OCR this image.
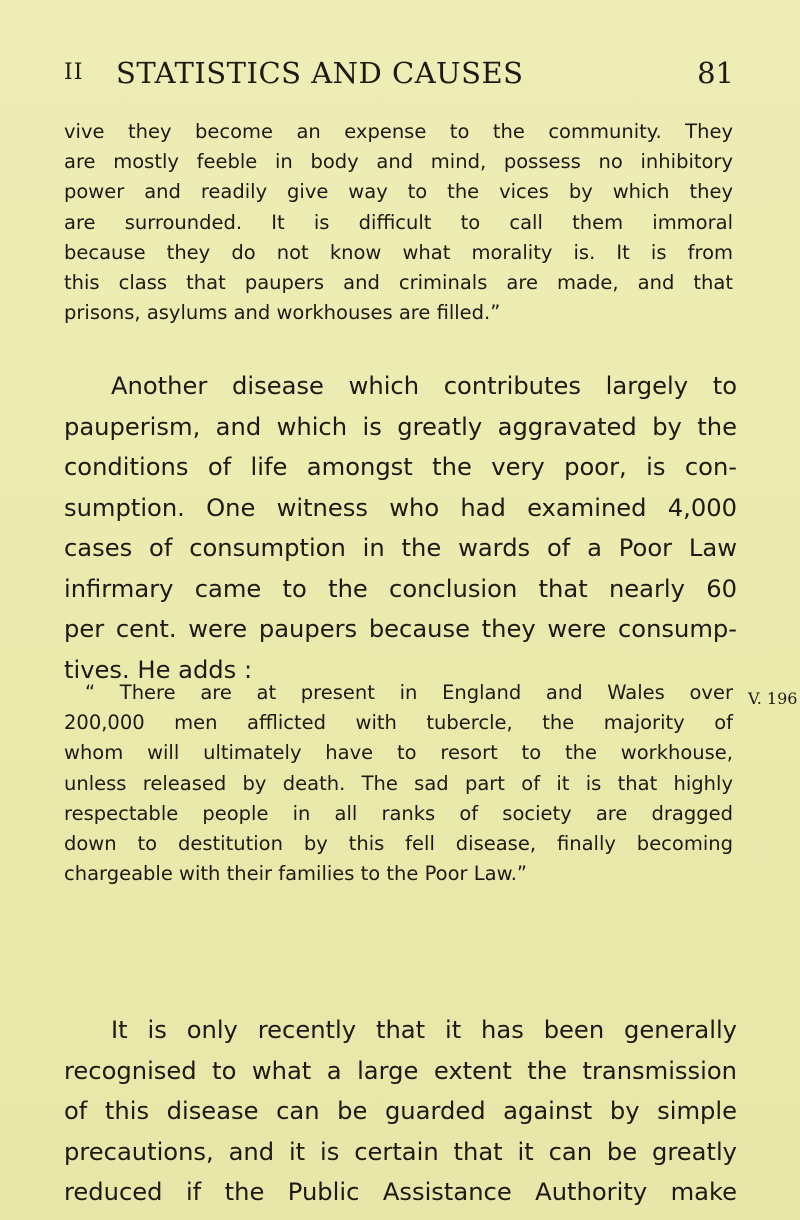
II STATISTICS AND CAUSES	81

vive they become an expense to the community. They
are mostly feeble in body and mind, possess no inhibitory
power and readily give way to the vices by which they
are surrounded. It is difficult to call them immoral
because they do not know what morality is. It is from
this class that paupers and criminals are made, and that
prisons, asylums and workhouses are filled.”

Another disease which contributes largely to
pauperism, and which is greatly aggravated by the
conditions of life amongst the very poor, is con-
sumption. One witness who had examined 4,000
cases of consumption in the wards of a Poor Law
infirmary came to the conclusion that nearly 60
per cent. were paupers because they were consump-
tives. He adds :

“ There are at present in England and Wales over
200,000 men afflicted with tubercle, the majority of
whom will ultimately have to resort to the workhouse,
unless released by death. The sad part of it is that highly
respectable people in all ranks of society are dragged
down to destitution by this fell disease, finally becoming
chargeable with their families to the Poor Law.”

V. 196

It is only recently that it has been generally
recognised to what a large extent the transmission
of this disease can be guarded against by simple
precautions, and it is certain that it can be greatly
reduced if the Public Assistance Authority make
